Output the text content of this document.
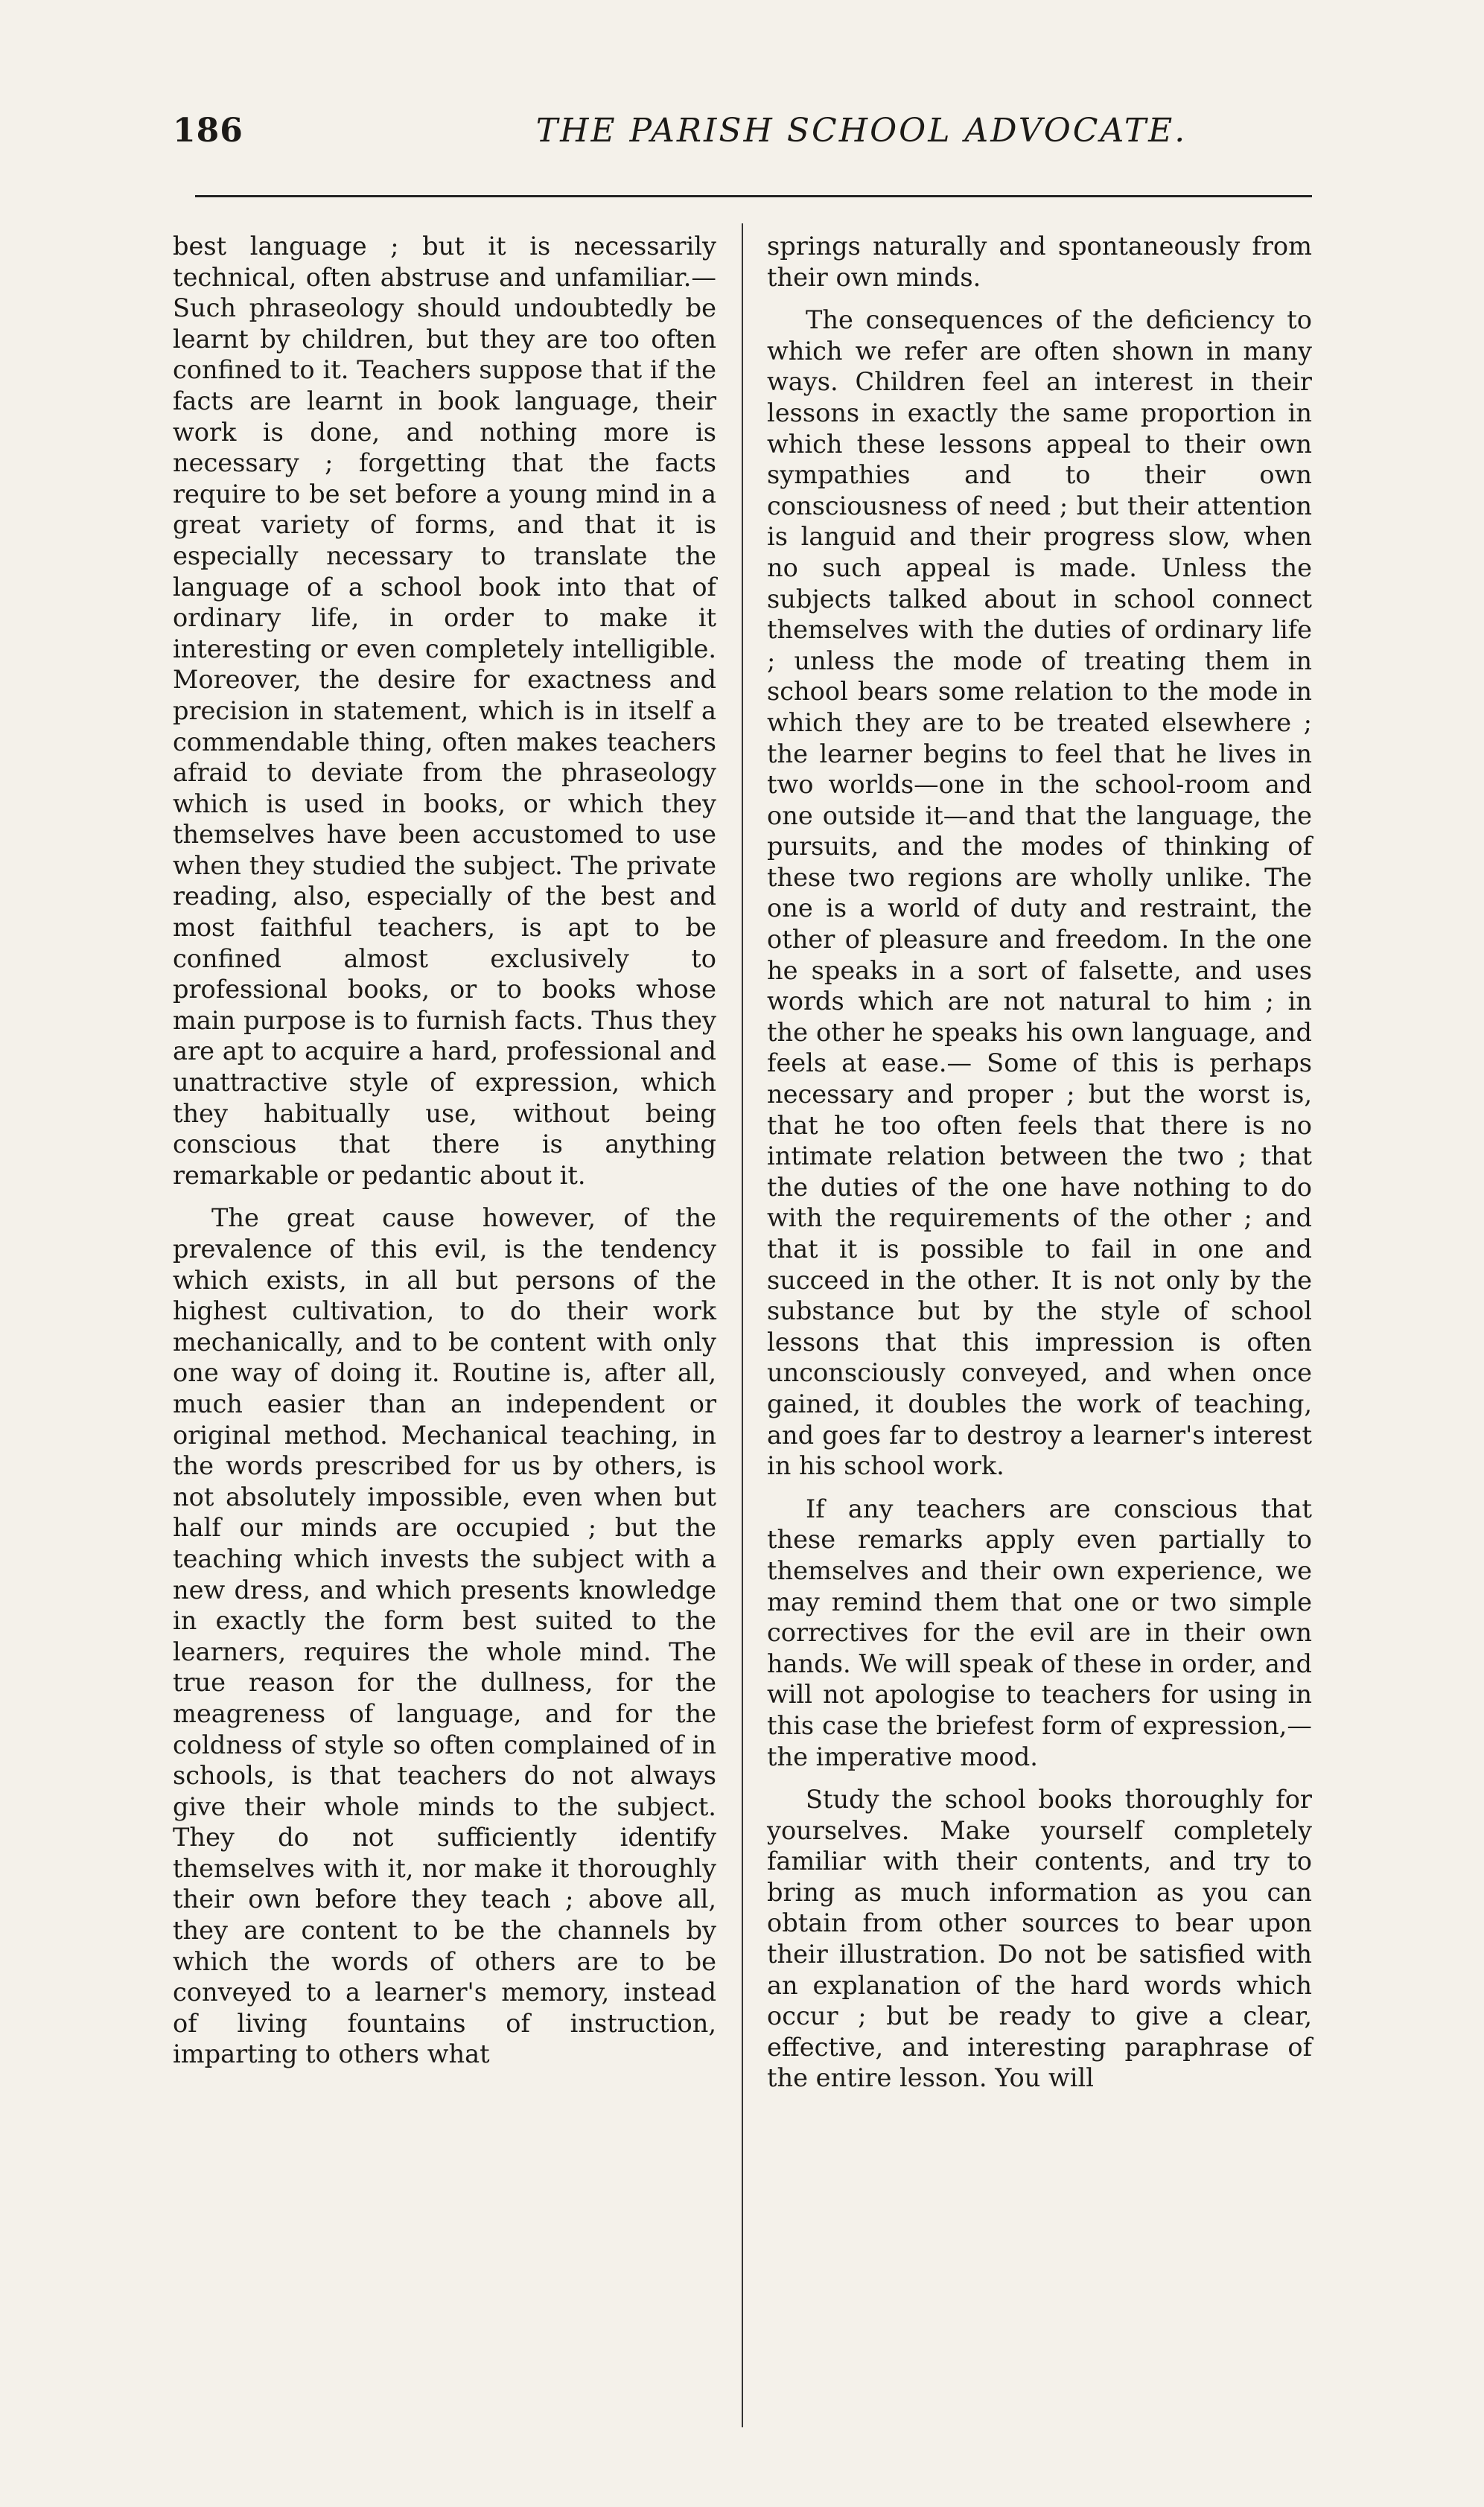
186	THE PARISH SCHOOL ADVOCATE.

best language ; but it is necessarily technical, often abstruse and unfamiliar.— Such phraseology should undoubtedly be learnt by children, but they are too often confined to it. Teachers suppose that if the facts are learnt in book language, their work is done, and nothing more is necessary ; forgetting that the facts require to be set before a young mind in a great variety of forms, and that it is especially necessary to translate the language of a school book into that of ordinary life, in order to make it interesting or even completely intelligible. Moreover, the desire for exactness and precision in statement, which is in itself a commendable thing, often makes teachers afraid to deviate from the phraseology which is used in books, or which they themselves have been accustomed to use when they studied the subject. The private reading, also, especially of the best and most faithful teachers, is apt to be confined almost exclusively to professional books, or to books whose main purpose is to furnish facts. Thus they are apt to acquire a hard, professional and unattractive style of expression, which they habitually use, without being conscious that there is anything remarkable or pedantic about it.

The great cause however, of the prevalence of this evil, is the tendency which exists, in all but persons of the highest cultivation, to do their work mechanically, and to be content with only one way of doing it. Routine is, after all, much easier than an independent or original method. Mechanical teaching, in the words prescribed for us by others, is not absolutely impossible, even when but half our minds are occupied ; but the teaching which invests the subject with a new dress, and which presents knowledge in exactly the form best suited to the learners, requires the whole mind. The true reason for the dullness, for the meagreness of language, and for the coldness of style so often complained of in schools, is that teachers do not always give their whole minds to the subject. They do not sufficiently identify themselves with it, nor make it thoroughly their own before they teach ; above all, they are content to be the channels by which the words of others are to be conveyed to a learner's memory, instead of living fountains of instruction, imparting to others what

springs naturally and spontaneously from their own minds.

The consequences of the deficiency to which we refer are often shown in many ways. Children feel an interest in their lessons in exactly the same proportion in which these lessons appeal to their own sympathies and to their own consciousness of need ; but their attention is languid and their progress slow, when no such appeal is made. Unless the subjects talked about in school connect themselves with the duties of ordinary life ; unless the mode of treating them in school bears some relation to the mode in which they are to be treated elsewhere ; the learner begins to feel that he lives in two worlds—one in the school-room and one outside it—and that the language, the pursuits, and the modes of thinking of these two regions are wholly unlike. The one is a world of duty and restraint, the other of pleasure and freedom. In the one he speaks in a sort of falsette, and uses words which are not natural to him ; in the other he speaks his own language, and feels at ease.— Some of this is perhaps necessary and proper ; but the worst is, that he too often feels that there is no intimate relation between the two ; that the duties of the one have nothing to do with the requirements of the other ; and that it is possible to fail in one and succeed in the other. It is not only by the substance but by the style of school lessons that this impression is often unconsciously conveyed, and when once gained, it doubles the work of teaching, and goes far to destroy a learner's interest in his school work.

If any teachers are conscious that these remarks apply even partially to themselves and their own experience, we may remind them that one or two simple correctives for the evil are in their own hands. We will speak of these in order, and will not apologise to teachers for using in this case the briefest form of expression,—the imperative mood.

Study the school books thoroughly for yourselves. Make yourself completely familiar with their contents, and try to bring as much information as you can obtain from other sources to bear upon their illustration. Do not be satisfied with an explanation of the hard words which occur ; but be ready to give a clear, effective, and interesting paraphrase of the entire lesson. You will
